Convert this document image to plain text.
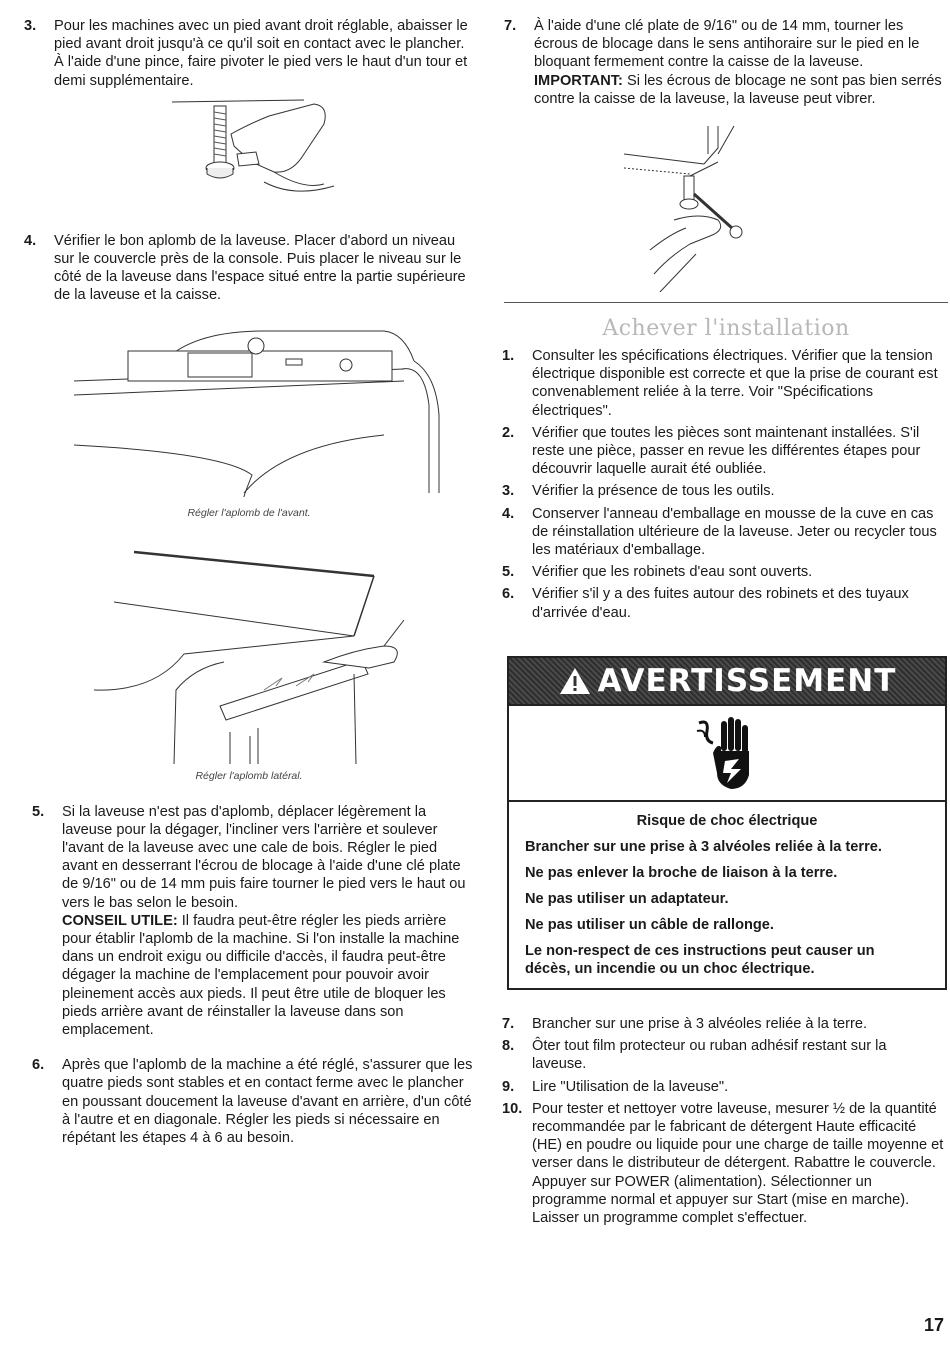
3.	Pour les machines avec un pied avant droit réglable, abaisser le pied avant droit jusqu'à ce qu'il soit en contact avec le plancher. À l'aide d'une pince, faire pivoter le pied vers le haut d'un tour et demi supplémentaire.
4.	Vérifier le bon aplomb de la laveuse. Placer d'abord un niveau sur le couvercle près de la console. Puis placer le niveau sur le côté de la laveuse dans l'espace situé entre la partie supérieure de la laveuse et la caisse.
Régler l'aplomb de l'avant.
Régler l'aplomb latéral.
5.	Si la laveuse n'est pas d'aplomb, déplacer légèrement la laveuse pour la dégager, l'incliner vers l'arrière et soulever l'avant de la laveuse avec une cale de bois. Régler le pied avant en desserrant l'écrou de blocage à l'aide d'une clé plate de 9/16" ou de 14 mm puis faire tourner le pied vers le haut ou vers le bas selon le besoin.
CONSEIL UTILE: Il faudra peut-être régler les pieds arrière pour établir l'aplomb de la machine. Si l'on installe la machine dans un endroit exigu ou difficile d'accès, il faudra peut-être dégager la machine de l'emplacement pour pouvoir avoir pleinement accès aux pieds. Il peut être utile de bloquer les pieds arrière avant de réinstaller la laveuse dans son emplacement.
6.	Après que l'aplomb de la machine a été réglé, s'assurer que les quatre pieds sont stables et en contact ferme avec le plancher en poussant doucement la laveuse d'avant en arrière, d'un côté à l'autre et en diagonale. Régler les pieds si nécessaire en répétant les étapes 4 à 6 au besoin.
7.	À l'aide d'une clé plate de 9/16" ou de 14 mm, tourner les écrous de blocage dans le sens antihoraire sur le pied en le bloquant fermement contre la caisse de la laveuse.
IMPORTANT: Si les écrous de blocage ne sont pas bien serrés contre la caisse de la laveuse, la laveuse peut vibrer.
Achever l'installation
1.	Consulter les spécifications électriques. Vérifier que la tension électrique disponible est correcte et que la prise de courant est convenablement reliée à la terre. Voir "Spécifications électriques".
2.	Vérifier que toutes les pièces sont maintenant installées. S'il reste une pièce, passer en revue les différentes étapes pour découvrir laquelle aurait été oubliée.
3.	Vérifier la présence de tous les outils.
4.	Conserver l'anneau d'emballage en mousse de la cuve en cas de réinstallation ultérieure de la laveuse. Jeter ou recycler tous les matériaux d'emballage.
5.	Vérifier que les robinets d'eau sont ouverts.
6.	Vérifier s'il y a des fuites autour des robinets et des tuyaux d'arrivée d'eau.
AVERTISSEMENT
Risque de choc électrique

Brancher sur une prise à 3 alvéoles reliée à la terre.

Ne pas enlever la broche de liaison à la terre.

Ne pas utiliser un adaptateur.

Ne pas utiliser un câble de rallonge.

Le non-respect de ces instructions peut causer un décès, un incendie ou un choc électrique.

7.	Brancher sur une prise à 3 alvéoles reliée à la terre.
8.	Ôter tout film protecteur ou ruban adhésif restant sur la laveuse.
9.	Lire "Utilisation de la laveuse".
10. Pour tester et nettoyer votre laveuse, mesurer ½ de la quantité recommandée par le fabricant de détergent Haute efficacité (HE) en poudre ou liquide pour une charge de taille moyenne et verser dans le distributeur de détergent. Rabattre le couvercle. Appuyer sur POWER (alimentation). Sélectionner un programme normal et appuyer sur Start (mise en marche). Laisser un programme complet s'effectuer.
17
